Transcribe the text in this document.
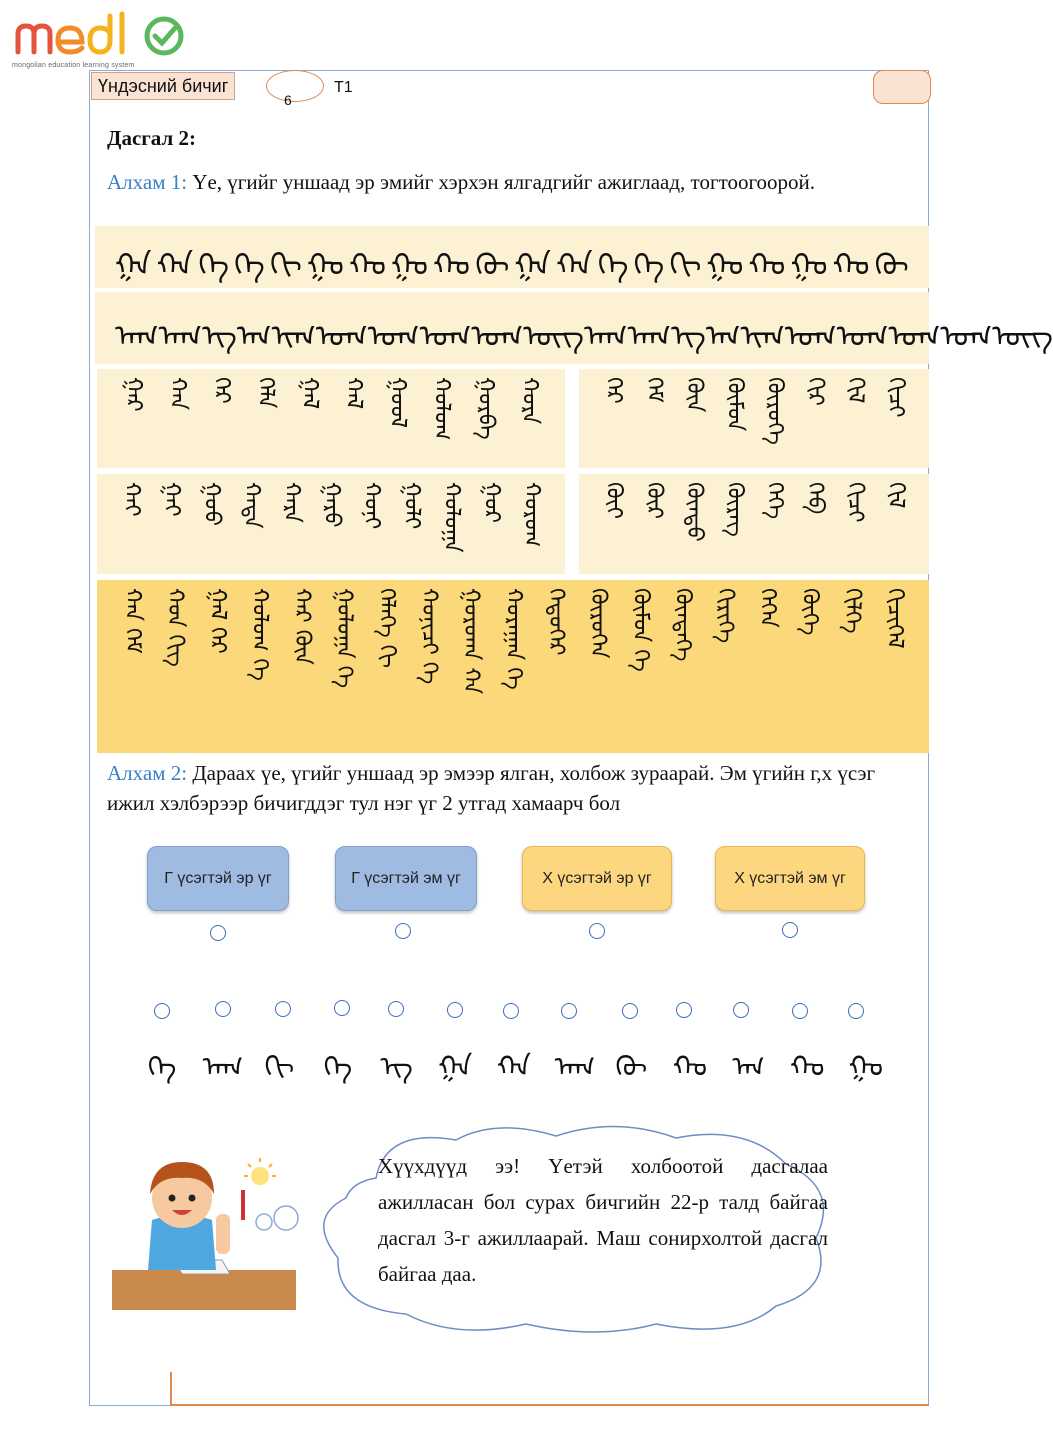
mongolian education learning system
Үндэсний бичиг
6
T1
Дасгал 2:
Алхам 1: Үе, үгийг уншаад эр эмийг хэрхэн ялгадгийг ажиглаад, тогтоогоорой.
ᠭᠠ ᠬᠠ ᠭᠡ ᠬᠡ ᠬᠢ ᠭᠣ ᠬᠣ ᠭᠤ ᠬᠤ ᠭᠦ ᠭᠠ ᠬᠠ ᠭᠡ ᠬᠡ ᠬᠢ ᠭᠣ ᠬᠣ ᠭᠤ ᠬᠤ ᠭᠦ
ᠠᠭ ᠠᠬ ᠡᠭ ᠡᠬ ᠢᠬ ᠣᠭ ᠣᠬ ᠤᠭ ᠤᠬ ᠦᠭ ᠠᠭ ᠠᠬ ᠡᠭ ᠡᠬ ᠢᠬ ᠣᠭ ᠣᠬ ᠤᠭ ᠤᠬ ᠦᠭ
ᠭᠠᠷ ᠬᠠᠨ ᠭᠡᠷ ᠬᠡᠯᠡ ᠭᠠᠯ ᠬᠠᠯ ᠭᠣᠣᠯ ᠬᠣᠯᠤᠭ ᠭᠤᠷᠪᠠ ᠬᠤᠷᠠ	ᠭᠡᠷ ᠬᠡᠮ ᠭᠦᠨ ᠬᠦᠮᠦᠨ ᠭᠦᠷᠦᠭᠡ ᠬᠢᠷ ᠭᠢᠯ ᠬᠢᠴᠢ
ᠬᠠᠢ ᠭᠠᠢ ᠭᠣᠤ ᠬᠠᠳᠠ ᠬᠠᠷᠠ ᠭᠠᠷᠤ ᠬᠣᠨᠢ ᠭᠣᠯᠢ ᠬᠤᠯᠤᠭᠠ ᠭᠤᠷ ᠬᠤᠷᠤᠭ	ᠭᠦᠢ ᠬᠦᠷ ᠭᠦᠨᠳᠦ ᠬᠦᠷᠡᠭ ᠭᠡᠭᠡ ᠬᠡᠪ ᠭᠢᠴᠢ ᠬᠢᠯ
ᠬᠠᠨ ᠬᠡᠮ ᠬᠣᠨ ᠬᠢᠭ ᠭᠠᠯ ᠭᠡᠷ ᠬᠣᠯᠤᠭ ᠭᠡ ᠬᠠᠷ ᠭᠦᠨ ᠭᠤᠯᠤᠭᠠ ᠬᠡ ᠬᠡᠯᠡᠭᠡ ᠭᠢ ᠬᠣᠨᠢᠴᠢ ᠭᠡ ᠭᠣᠷᠤᠬᠠ ᠬᠠ ᠬᠤᠷᠠᠭᠠᠨ ᠭᠡ ᠬᠡᠳᠦᠭᠡᠷ ᠭᠦᠷᠦᠭᠡᠨ ᠬᠦᠮᠦᠨ ᠭᠡ ᠭᠦᠨᠳᠡᠭᠡ ᠬᠢᠷᠢᠭᠡ ᠭᠡᠭᠡᠨ ᠬᠦᠬᠡ ᠭᠢᠯᠭᠡ ᠬᠢᠴᠢᠭᠡᠯ
Алхам 2: Дараах үе, үгийг уншаад эр эмээр ялган, холбож зураарай. Эм үгийн г,х үсэг ижил хэлбэрээр бичигддэг тул нэг үг 2 утгад хамаарч бол
Г үсэгтэй эр үг	Г үсэгтэй эм үг	Х үсэгтэй эр үг	Х үсэгтэй эм үг
ᠭᠡ ᠠᠬ ᠭᠢ ᠬᠡ ᠡᠭ ᠭᠠ ᠬᠠ ᠠᠭ ᠭᠦ ᠬᠣ ᠡᠬ ᠬᠤ ᠭᠣ
Хүүхдүүд ээ! Үетэй холбоотой дасгалаа ажилласан бол сурах бичгийн 22-р талд байгаа дасгал 3-г ажиллаарай. Маш сонирхолтой дасгал байгаа даа.
